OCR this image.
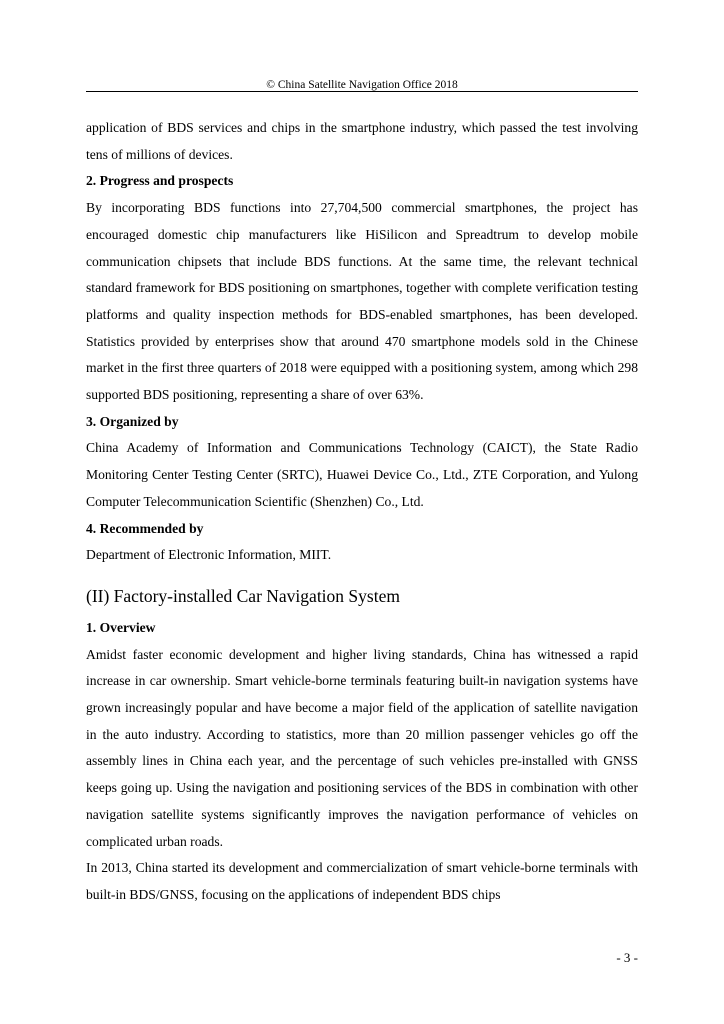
© China Satellite Navigation Office 2018

application of BDS services and chips in the smartphone industry, which passed the test involving tens of millions of devices.

2. Progress and prospects

By incorporating BDS functions into 27,704,500 commercial smartphones, the project has encouraged domestic chip manufacturers like HiSilicon and Spreadtrum to develop mobile communication chipsets that include BDS functions. At the same time, the relevant technical standard framework for BDS positioning on smartphones, together with complete verification testing platforms and quality inspection methods for BDS-enabled smartphones, has been developed. Statistics provided by enterprises show that around 470 smartphone models sold in the Chinese market in the first three quarters of 2018 were equipped with a positioning system, among which 298 supported BDS positioning, representing a share of over 63%.

3. Organized by

China Academy of Information and Communications Technology (CAICT), the State Radio Monitoring Center Testing Center (SRTC), Huawei Device Co., Ltd., ZTE Corporation, and Yulong Computer Telecommunication Scientific (Shenzhen) Co., Ltd.

4. Recommended by

Department of Electronic Information, MIIT.

(II) Factory-installed Car Navigation System
1. Overview

Amidst faster economic development and higher living standards, China has witnessed a rapid increase in car ownership. Smart vehicle-borne terminals featuring built-in navigation systems have grown increasingly popular and have become a major field of the application of satellite navigation in the auto industry. According to statistics, more than 20 million passenger vehicles go off the assembly lines in China each year, and the percentage of such vehicles pre-installed with GNSS keeps going up. Using the navigation and positioning services of the BDS in combination with other navigation satellite systems significantly improves the navigation performance of vehicles on complicated urban roads.

In 2013, China started its development and commercialization of smart vehicle-borne terminals with built-in BDS/GNSS, focusing on the applications of independent BDS chips

- 3 -
